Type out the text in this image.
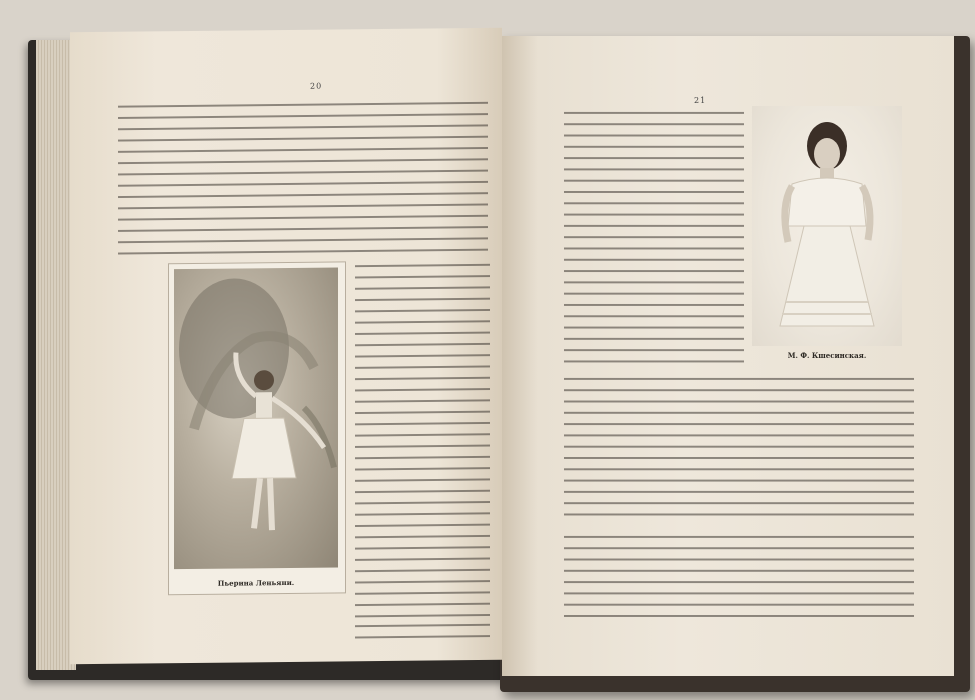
20
Пьерина Леньяни.
21
М. Ф. Кшесинская.
